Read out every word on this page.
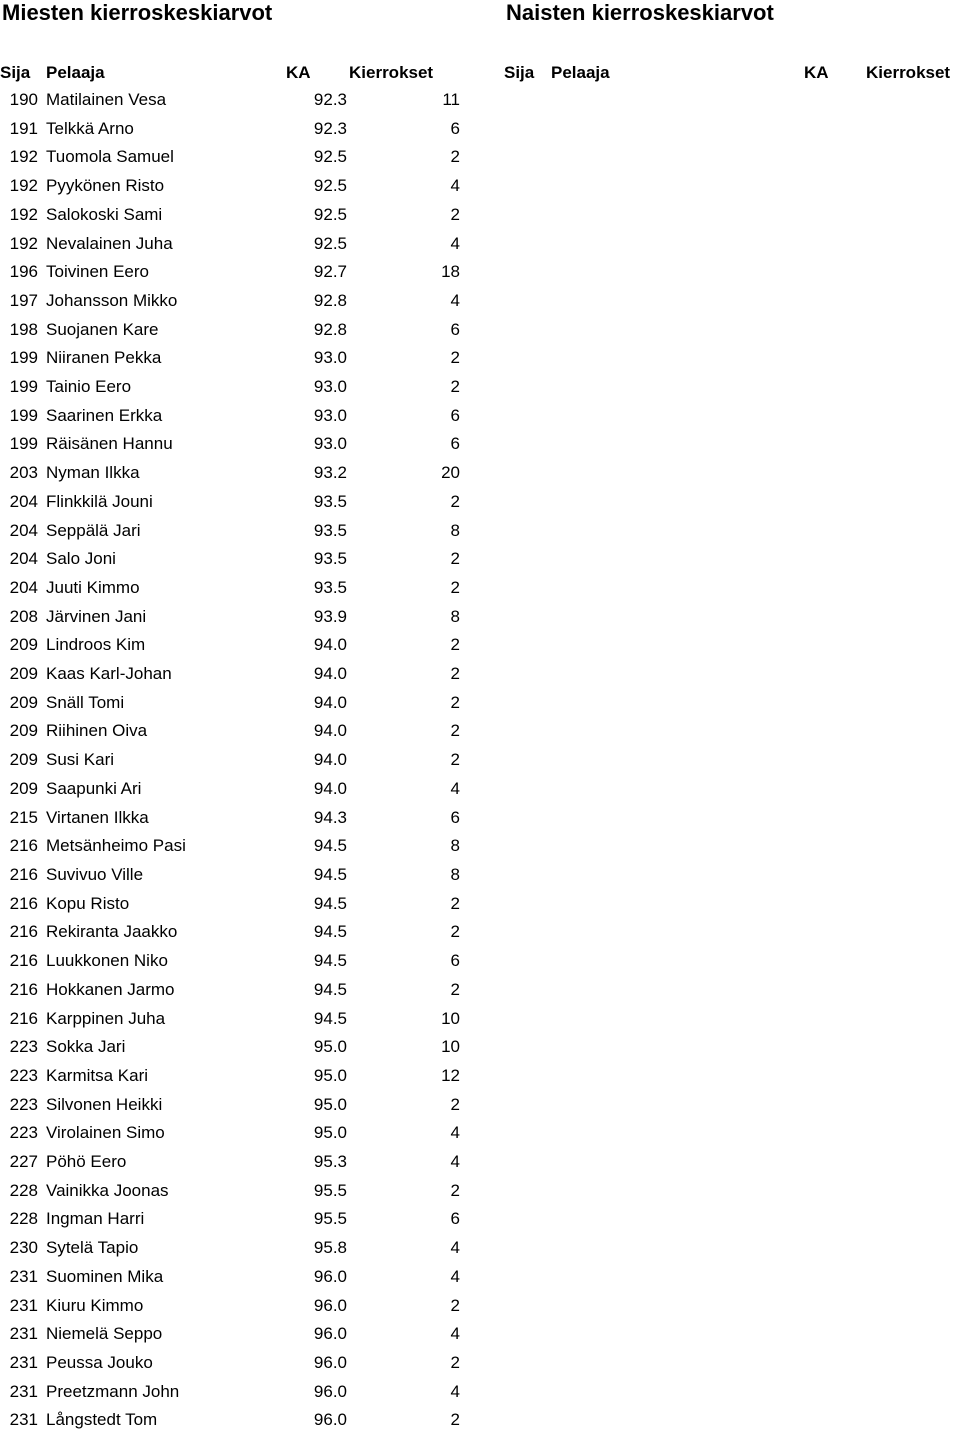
Miesten kierroskeskiarvot	Naisten kierroskeskiarvot
Sija Pelaaja	KA Kierrokset	Sija Pelaaja	KA Kierrokset
190	Matilainen Vesa	92.3	11
191	Telkkä Arno	92.3	6
192	Tuomola Samuel	92.5	2
192	Pyykönen Risto	92.5	4
192	Salokoski Sami	92.5	2
192	Nevalainen Juha	92.5	4
196	Toivinen Eero	92.7	18
197	Johansson Mikko	92.8	4
198	Suojanen Kare	92.8	6
199	Niiranen Pekka	93.0	2
199	Tainio Eero	93.0	2
199	Saarinen Erkka	93.0	6
199	Räisänen Hannu	93.0	6
203	Nyman Ilkka	93.2	20
204	Flinkkilä Jouni	93.5	2
204	Seppälä Jari	93.5	8
204	Salo Joni	93.5	2
204	Juuti Kimmo	93.5	2
208	Järvinen Jani	93.9	8
209	Lindroos Kim	94.0	2
209	Kaas Karl-Johan	94.0	2
209	Snäll Tomi	94.0	2
209	Riihinen Oiva	94.0	2
209	Susi Kari	94.0	2
209	Saapunki Ari	94.0	4
215	Virtanen Ilkka	94.3	6
216	Metsänheimo Pasi	94.5	8
216	Suvivuo Ville	94.5	8
216	Kopu Risto	94.5	2
216	Rekiranta Jaakko	94.5	2
216	Luukkonen Niko	94.5	6
216	Hokkanen Jarmo	94.5	2
216	Karppinen Juha	94.5	10
223	Sokka Jari	95.0	10
223	Karmitsa Kari	95.0	12
223	Silvonen Heikki	95.0	2
223	Virolainen Simo	95.0	4
227	Pöhö Eero	95.3	4
228	Vainikka Joonas	95.5	2
228	Ingman Harri	95.5	6
230	Sytelä Tapio	95.8	4
231	Suominen Mika	96.0	4
231	Kiuru Kimmo	96.0	2
231	Niemelä Seppo	96.0	4
231	Peussa Jouko	96.0	2
231	Preetzmann John	96.0	4
231	Långstedt Tom	96.0	2
